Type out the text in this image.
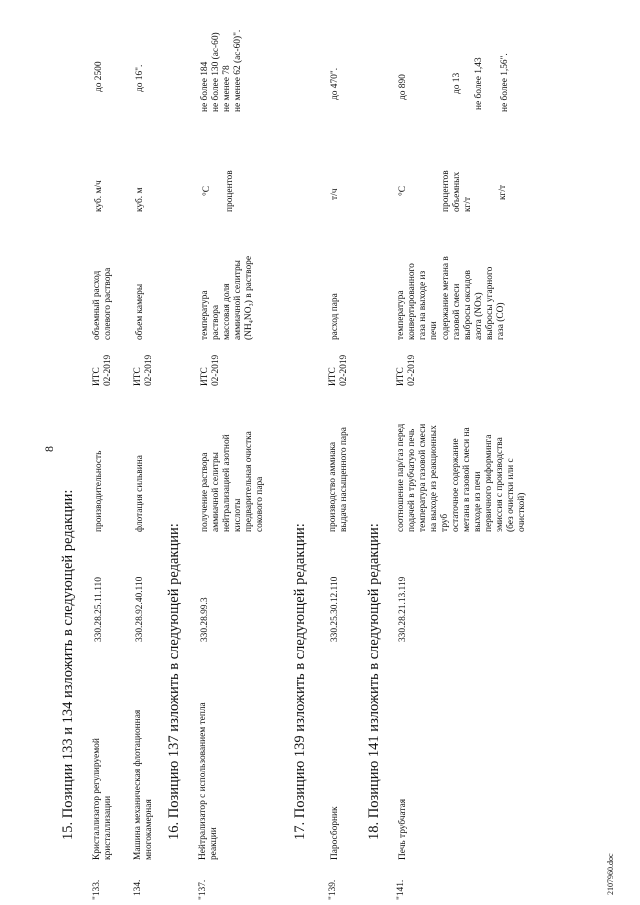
8
2107960.doc
15. Позиции 133 и 134 изложить в следующей редакции:
"133.
Кристаллизатор регулируемой кристаллизации
330.28.25.11.110
производительность
ИТС 02-2019
объемный расход солевого раствора
куб. м/ч
до 2500
134.
Машина механическая флотационная многокамерная
330.28.92.40.110
флотация сильвина
ИТС 02-2019
объем камеры
куб. м
до 16".
16. Позицию 137 изложить в следующей редакции:
"137.
Нейтрализатор с использованием тепла реакции
330.28.99.3
получение раствора аммиачной селитры нейтрализацией азотной кислоты предварительная очистка сокового пара
ИТС 02-2019
температура раствора массовая доля аммиачной селитры (NH₄NO₃) в растворе
°С процентов
не более 184 не более 130 (ас-60) не менее 78 не менее 62 (ас-60)".
17. Позицию 139 изложить в следующей редакции:
"139.
Паросборник
330.25.30.12.110
производство аммиака выдача насыщенного пара
ИТС 02-2019
расход пара
т/ч
до 470".
18. Позицию 141 изложить в следующей редакции:
"141.
Печь трубчатая
330.28.21.13.119
соотношение пар/газ перед подачей в трубчатую печь температура газовой смеси на выходе из реакционных труб остаточное содержание метана в газовой смеси на выходе из печи первичного риформинга эмиссия с производства (без очистки или с очисткой)
ИТС 02-2019
температура конвертированного газа на выходе из печи содержание метана в газовой смеси выбросы оксидов азота (NOx) выбросы угарного газа (СО)
°С	процентов объемных кг/т
кг/т
до 890	до 13 не более 1,43 не более 1,56".
